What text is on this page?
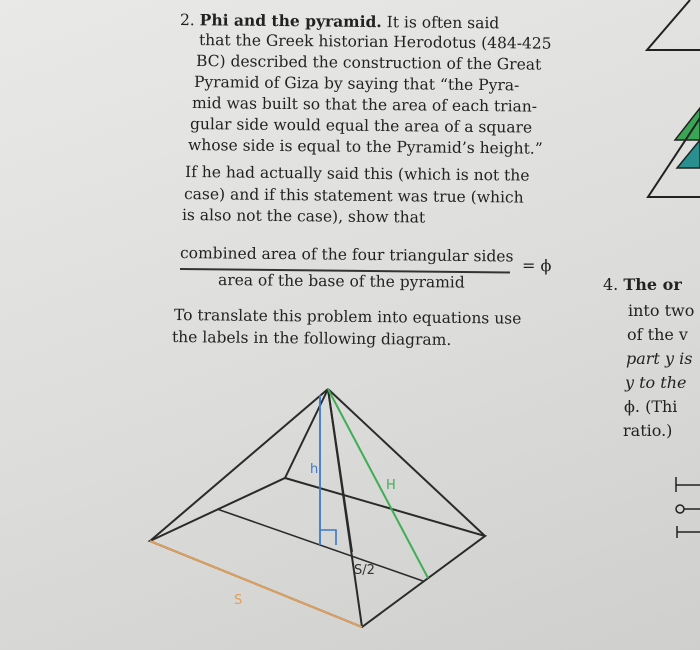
2. Phi and the pyramid. It is often said
that the Greek historian Herodotus (484-425
BC) described the construction of the Great
Pyramid of Giza by saying that “the Pyra-
mid was built so that the area of each trian-
gular side would equal the area of a square
whose side is equal to the Pyramid’s height.”
If he had actually said this (which is not the
case) and if this statement was true (which
is also not the case), show that
combined area of the four triangular sides
area of the base of the pyramid
= ϕ
To translate this problem into equations use
the labels in the following diagram.
h
H
S/2
S
4. The or
into two
of the v
part y is
y to the
ϕ. (Thi
ratio.)
